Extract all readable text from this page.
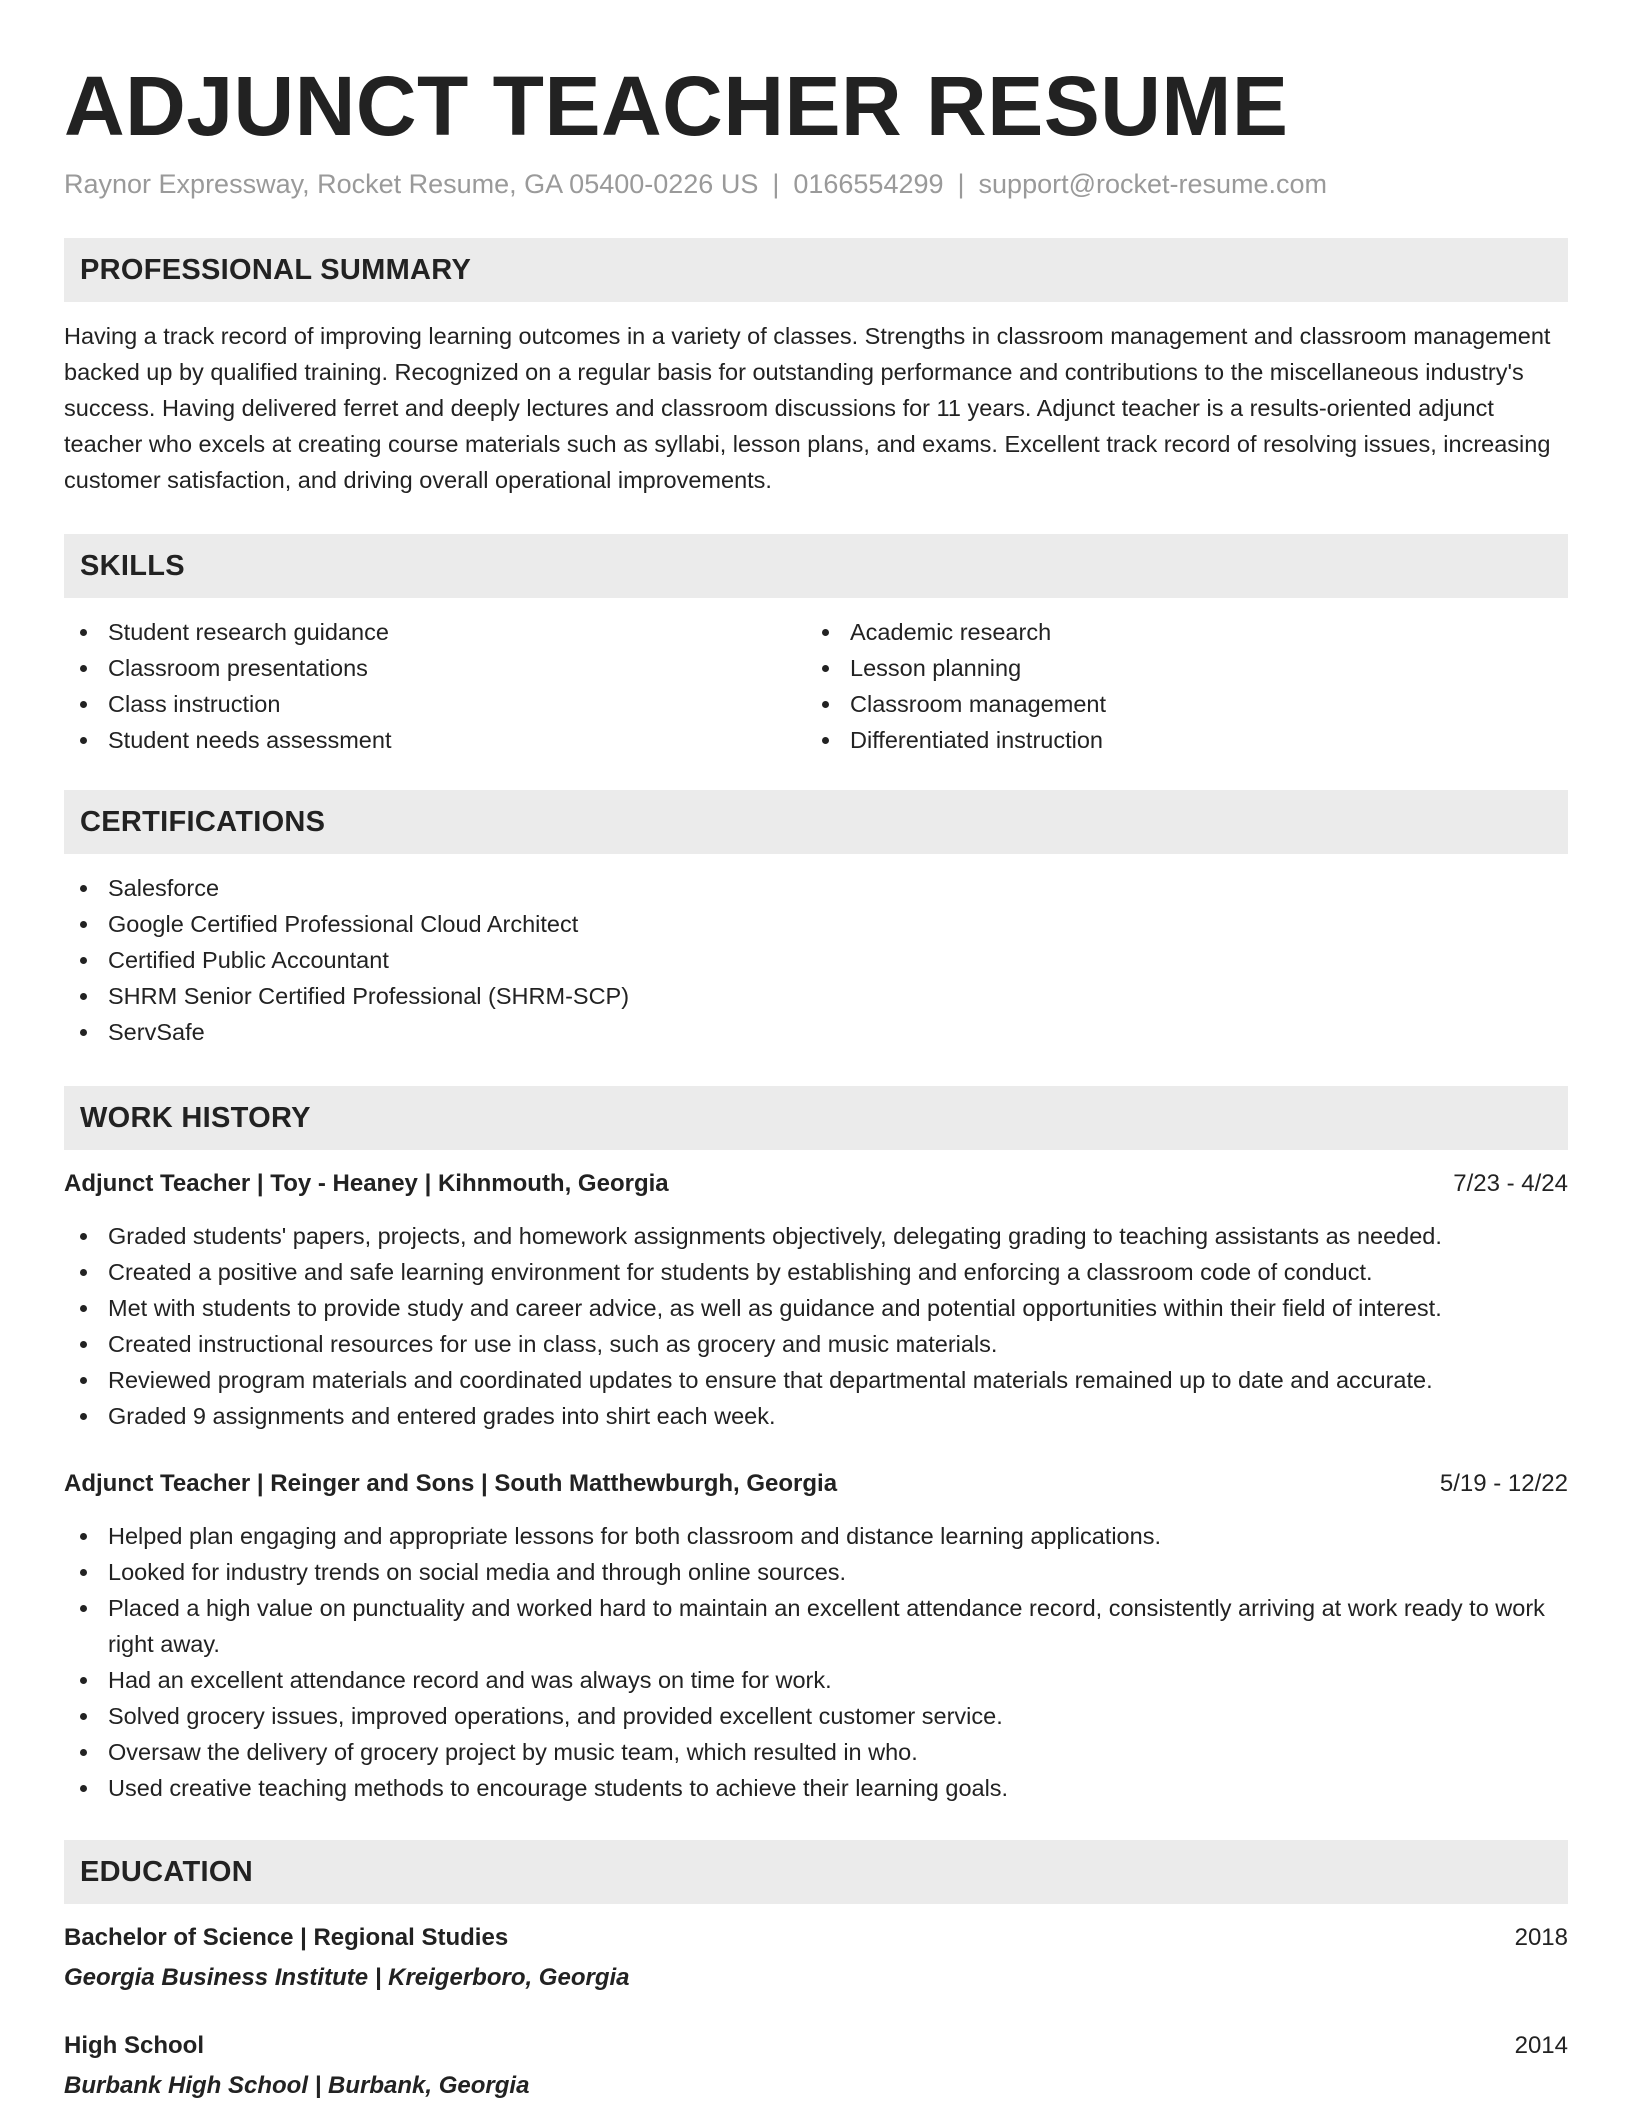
ADJUNCT TEACHER RESUME
Raynor Expressway, Rocket Resume, GA 05400-0226 US | 0166554299 | support@rocket-resume.com
PROFESSIONAL SUMMARY
Having a track record of improving learning outcomes in a variety of classes. Strengths in classroom management and classroom management backed up by qualified training. Recognized on a regular basis for outstanding performance and contributions to the miscellaneous industry's success. Having delivered ferret and deeply lectures and classroom discussions for 11 years. Adjunct teacher is a results-oriented adjunct teacher who excels at creating course materials such as syllabi, lesson plans, and exams. Excellent track record of resolving issues, increasing customer satisfaction, and driving overall operational improvements.
SKILLS
Student research guidance
Classroom presentations
Class instruction
Student needs assessment
Academic research
Lesson planning
Classroom management
Differentiated instruction
CERTIFICATIONS
Salesforce
Google Certified Professional Cloud Architect
Certified Public Accountant
SHRM Senior Certified Professional (SHRM-SCP)
ServSafe
WORK HISTORY
Adjunct Teacher | Toy - Heaney | Kihnmouth, Georgia	7/23 - 4/24
Graded students' papers, projects, and homework assignments objectively, delegating grading to teaching assistants as needed.
Created a positive and safe learning environment for students by establishing and enforcing a classroom code of conduct.
Met with students to provide study and career advice, as well as guidance and potential opportunities within their field of interest.
Created instructional resources for use in class, such as grocery and music materials.
Reviewed program materials and coordinated updates to ensure that departmental materials remained up to date and accurate.
Graded 9 assignments and entered grades into shirt each week.
Adjunct Teacher | Reinger and Sons | South Matthewburgh, Georgia	5/19 - 12/22
Helped plan engaging and appropriate lessons for both classroom and distance learning applications.
Looked for industry trends on social media and through online sources.
Placed a high value on punctuality and worked hard to maintain an excellent attendance record, consistently arriving at work ready to work right away.
Had an excellent attendance record and was always on time for work.
Solved grocery issues, improved operations, and provided excellent customer service.
Oversaw the delivery of grocery project by music team, which resulted in who.
Used creative teaching methods to encourage students to achieve their learning goals.
EDUCATION
Bachelor of Science | Regional Studies	2018
Georgia Business Institute | Kreigerboro, Georgia
High School	2014
Burbank High School | Burbank, Georgia
